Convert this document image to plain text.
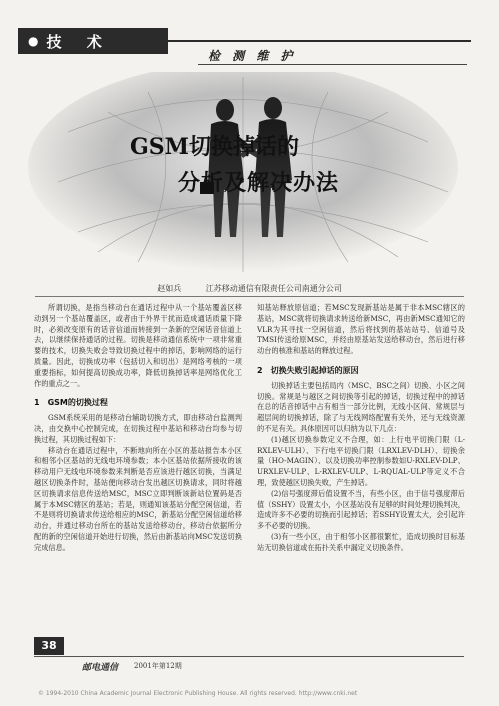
● 技 术
检 测 维 护
GSM切换掉话的
分析及解决办法
赵如兵	江苏移动通信有限责任公司南通分公司

所谓切换，是指当移动台在通话过程中从一个基站覆盖区移动到另一个基站覆盖区，或者由于外界干扰而造成通话质量下降时，必须改变原有的话音信道而转接到一条新的空闲话音信道上去，以继续保持通话的过程。切换是移动通信系统中一项非常重要的技术，切换失败会导致切换过程中的掉话，影响网络的运行质量。因此，切换成功率（包括切入和切出）是网络考核的一项重要指标，如何提高切换成功率，降低切换掉话率是网络优化工作的重点之一。

1 GSM的切换过程

GSM系统采用的是移动台辅助切换方式，即由移动台监测判决，由交换中心控制完成，在切换过程中基站和移动台均参与切换过程，其切换过程如下：

移动台在通话过程中，不断地向所在小区的基站报告本小区和相邻小区基站的无线电环境参数；本小区基站依据所接收的该移动用户无线电环境参数来判断是否应该进行越区切换，当满足越区切换条件时，基站便向移动台发出越区切换请求，同时将越区切换请求信息传送给MSC，MSC立即判断该新站位置码是否属于本MSC辖区的基站；若是，则通知该基站分配空闲信道，若不是则将切换请求传送给相应的MSC，新基站分配空闲信道给移动台，并通过移动台所在的基站发送给移动台，移动台依据所分配的新的空闲信道开始进行切换，然后由新基站向MSC发送切换完成信息。

知基站释放原信道；若MSC发现新基站是属于非本MSC辖区的基站，MSC就将切换请求转送给新MSC，再由新MSC通知它的VLR为其寻找一空闲信道，然后将找到的基站站号、信道号及TMSI传送给原MSC，并经由原基站发送给移动台，然后进行移动台的核准和基站的释放过程。

2 切换失败引起掉话的原因

切换掉话主要包括局内（MSC、BSC之间）切换、小区之间切换。常规是与越区之间切换等引起的掉话，切换过程中的掉话在总的话音掉话中占有相当一部分比例，无线小区间、常规层与超层间的切换掉话，除了与无线网络配置有关外，还与无线资源的不足有关。具体原因可以归纳为以下几点：

(1)越区切换参数定义不合理，如：上行电平切换门限（L-RXLEV-ULH）、下行电平切换门限（LRXLEV-DLH）、切换余量（HO-MAGIN）、以及切换功率控制参数如U-RXLEV-DLP、URXLEV-ULP、L-RXLEV-ULP、L-RQUAL-ULP等定义不合理，致使越区切换失败，产生掉话。

(2)信号强度滞后值设置不当，有些小区，由于信号强度滞后值（SSHY）设置太小，小区基站没有足够的时间处理切换判决，造成许多不必要的切换而引起掉话；若SSHY设置太大，会引起许多不必要的切换。

(3)有一些小区，由于相邻小区都很繁忙，造成切换时目标基站无切换信道或在拓扑关系中漏定义切换条件。

38
邮电通信 2001年第12期
© 1994-2010 China Academic Journal Electronic Publishing House. All rights reserved. http://www.cnki.net
